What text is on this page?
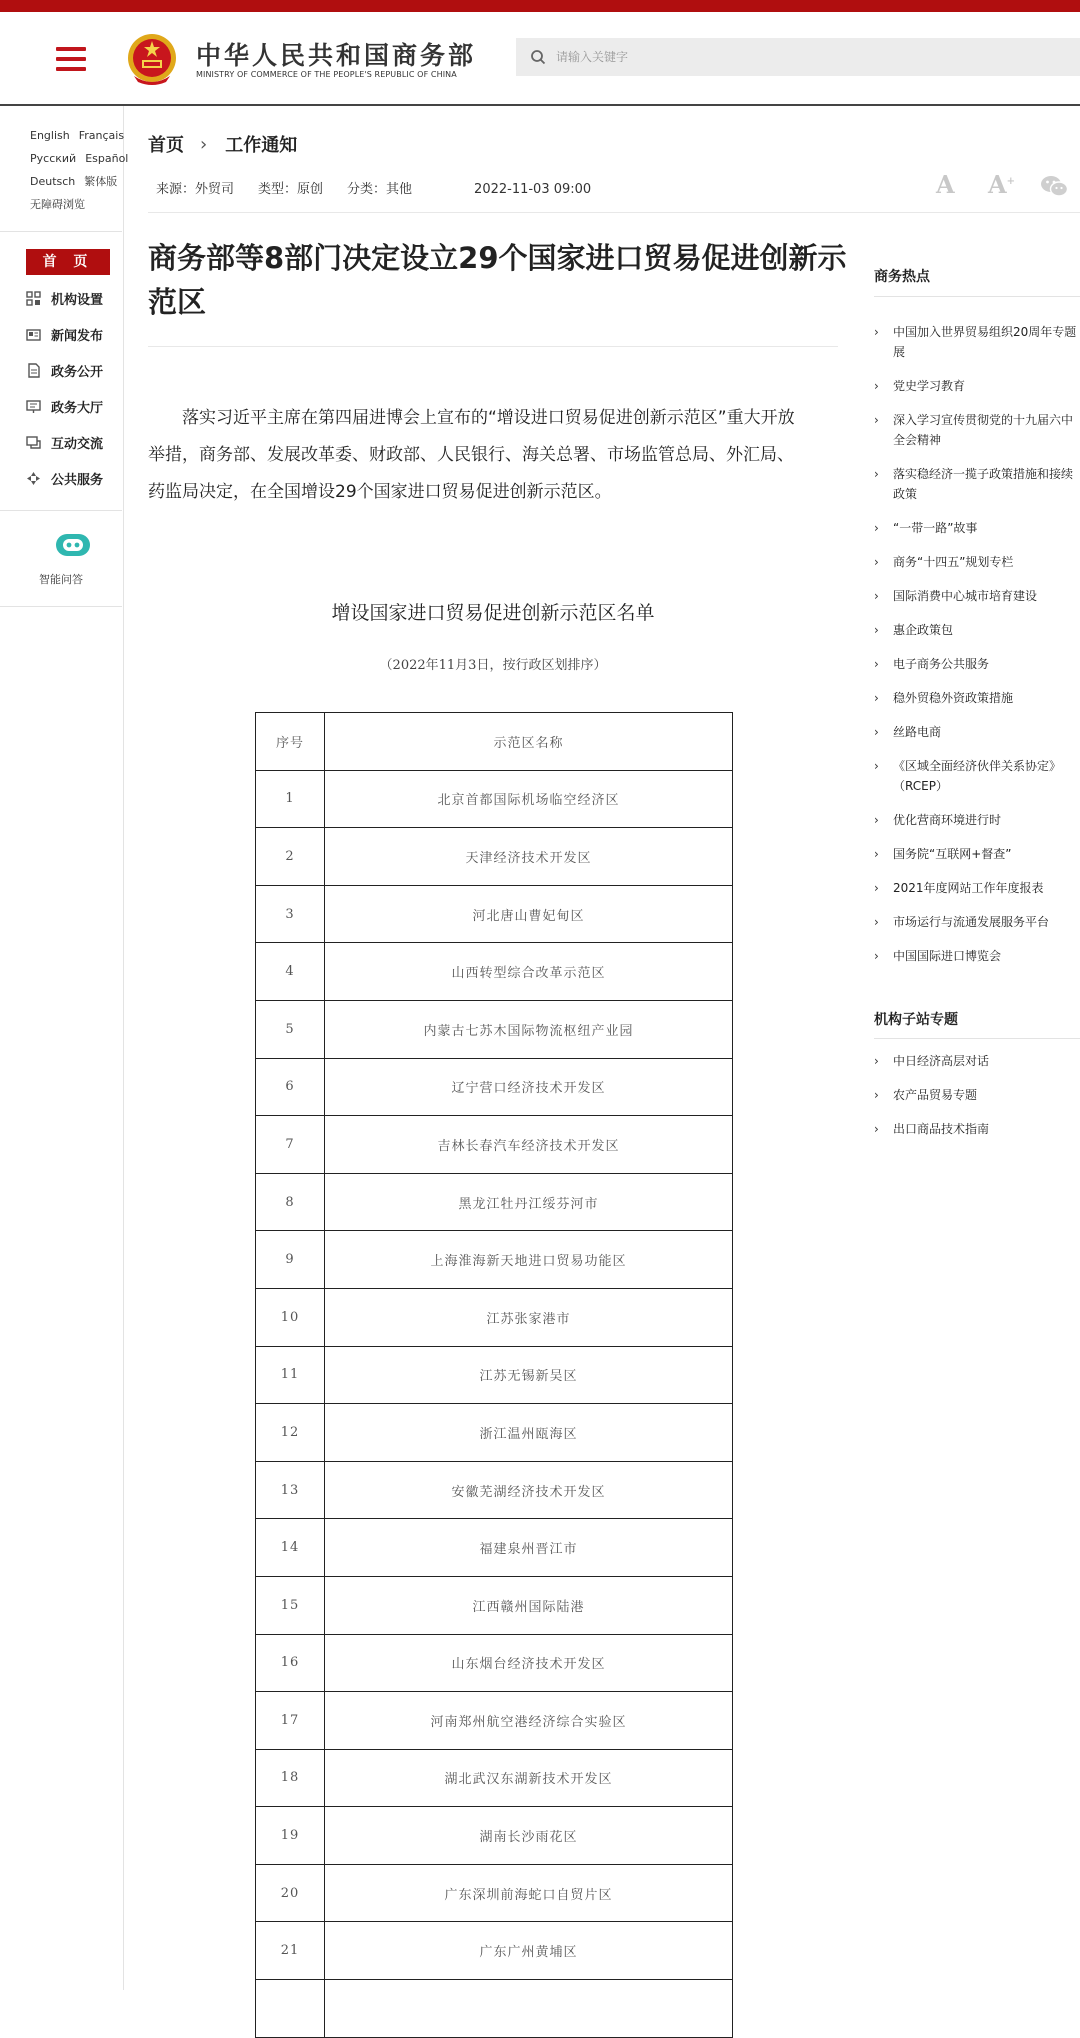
中华人民共和国商务部
MINISTRY OF COMMERCE OF THE PEOPLE'S REPUBLIC OF CHINA
请输入关键字
English Français
Русский Español
Deutsch 繁体版
无障碍浏览
首 页
机构设置
新闻发布
政务公开
政务大厅
互动交流
公共服务
智能问答
首页 › 工作通知
来源：外贸司 类型：原创 分类：其他	2022-11-03 09:00	A A+
商务部等8部门决定设立29个国家进口贸易促进创新示范区

落实习近平主席在第四届进博会上宣布的“增设进口贸易促进创新示范区”重大开放举措，商务部、发展改革委、财政部、人民银行、海关总署、市场监管总局、外汇局、药监局决定，在全国增设29个国家进口贸易促进创新示范区。

增设国家进口贸易促进创新示范区名单
（2022年11月3日，按行政区划排序）
序号	示范区名称
1	北京首都国际机场临空经济区
2	天津经济技术开发区
3	河北唐山曹妃甸区
4	山西转型综合改革示范区
5	内蒙古七苏木国际物流枢纽产业园
6	辽宁营口经济技术开发区
7	吉林长春汽车经济技术开发区
8	黑龙江牡丹江绥芬河市
9	上海淮海新天地进口贸易功能区
10	江苏张家港市
11	江苏无锡新吴区
12	浙江温州瓯海区
13	安徽芜湖经济技术开发区
14	福建泉州晋江市
15	江西赣州国际陆港
16	山东烟台经济技术开发区
17	河南郑州航空港经济综合实验区
18	湖北武汉东湖新技术开发区
19	湖南长沙雨花区
20	广东深圳前海蛇口自贸片区
21	广东广州黄埔区

商务热点
› 中国加入世界贸易组织20周年专题展
› 党史学习教育
› 深入学习宣传贯彻党的十九届六中全会精神
› 落实稳经济一揽子政策措施和接续政策
› “一带一路”故事
› 商务“十四五”规划专栏
› 国际消费中心城市培育建设
› 惠企政策包
› 电子商务公共服务
› 稳外贸稳外资政策措施
› 丝路电商
› 《区域全面经济伙伴关系协定》（RCEP）
› 优化营商环境进行时
› 国务院“互联网+督查”
› 2021年度网站工作年度报表
› 市场运行与流通发展服务平台
› 中国国际进口博览会
机构子站专题
› 中日经济高层对话
› 农产品贸易专题
› 出口商品技术指南
